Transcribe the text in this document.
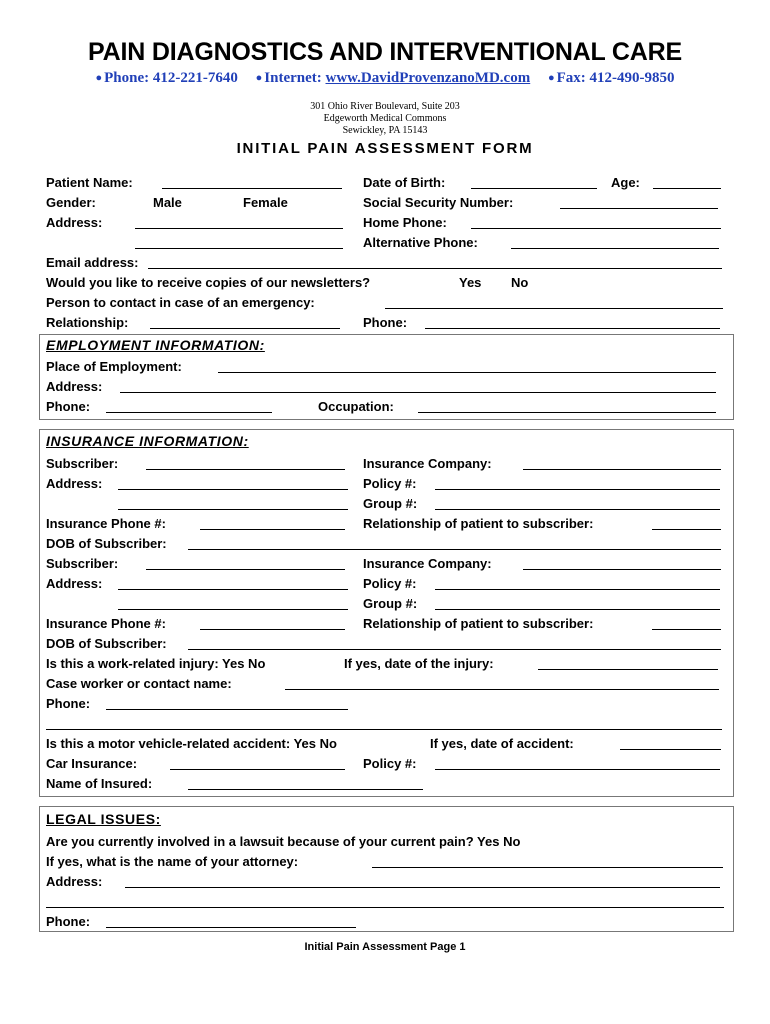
PAIN DIAGNOSTICS AND INTERVENTIONAL CARE
● Phone: 412-221-7640 ● Internet: www.DavidProvenzanoMD.com ● Fax: 412-490-9850
301 Ohio River Boulevard, Suite 203
Edgeworth Medical Commons
Sewickley, PA 15143
INITIAL PAIN ASSESSMENT FORM
Patient Name:	Date of Birth:	Age:
Gender:	Male	Female	Social Security Number:
Address:	Home Phone:
Alternative Phone:
Email address:
Would you like to receive copies of our newsletters?	Yes No
Person to contact in case of an emergency:
Relationship:	Phone:
EMPLOYMENT INFORMATION:
Place of Employment:
Address:
Phone:	Occupation:
INSURANCE INFORMATION:
Subscriber:	Insurance Company:
Address:	Policy #:
Group #:
Insurance Phone #:	Relationship of patient to subscriber:
DOB of Subscriber:
Subscriber:	Insurance Company:
Address:	Policy #:
Group #:
Insurance Phone #:	Relationship of patient to subscriber:
DOB of Subscriber:
Is this a work-related injury: Yes No	If yes, date of the injury:
Case worker or contact name:
Phone:
Is this a motor vehicle-related accident: Yes No	If yes, date of accident:
Car Insurance:	Policy #:
Name of Insured:
LEGAL ISSUES:
Are you currently involved in a lawsuit because of your current pain? Yes No
If yes, what is the name of your attorney:
Address:
Phone:
Initial Pain Assessment Page 1
